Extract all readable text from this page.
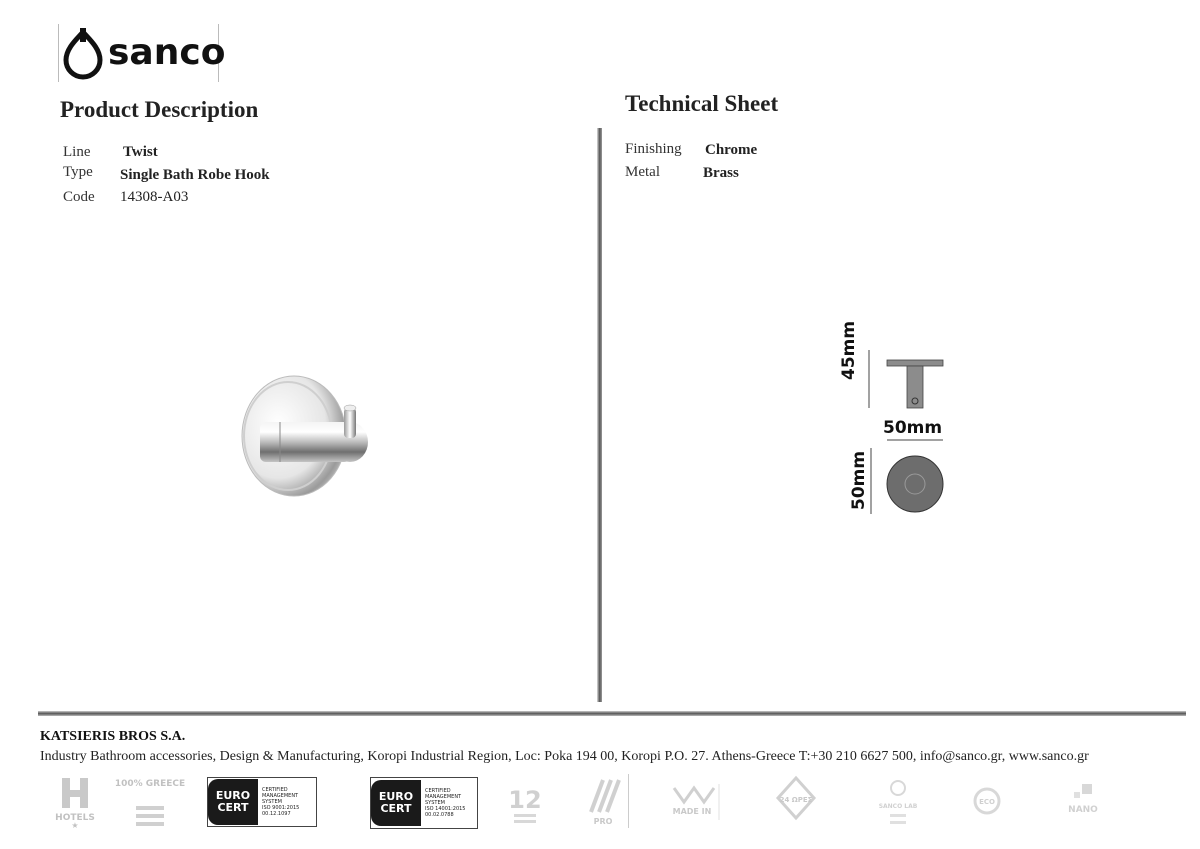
sanco
Product Description
Line Twist
Type Single Bath Robe Hook
Code 14308-A03
Technical Sheet
Finishing Chrome
Metal	Brass
45mm
50mm
50mm
KATSIERIS BROS S.A.
Industry Bathroom accessories, Design & Manufacturing, Koropi Industrial Region, Loc: Poka 194 00, Koropi P.O. 27. Athens-Greece T:+30 210 6627 500, info@sanco.gr, www.sanco.gr
HOTELS
★
100% GREECE
EURO
CERT
CERTIFIED
MANAGEMENT
SYSTEM
ISO 9001:2015
00.12.1097
EURO
CERT
CERTIFIED
MANAGEMENT
SYSTEM
ISO 14001:2015
00.02.0788
12
PRO
MADE IN
24 ΩΡΕΣ
SANCO LAB
ECO
NANO
